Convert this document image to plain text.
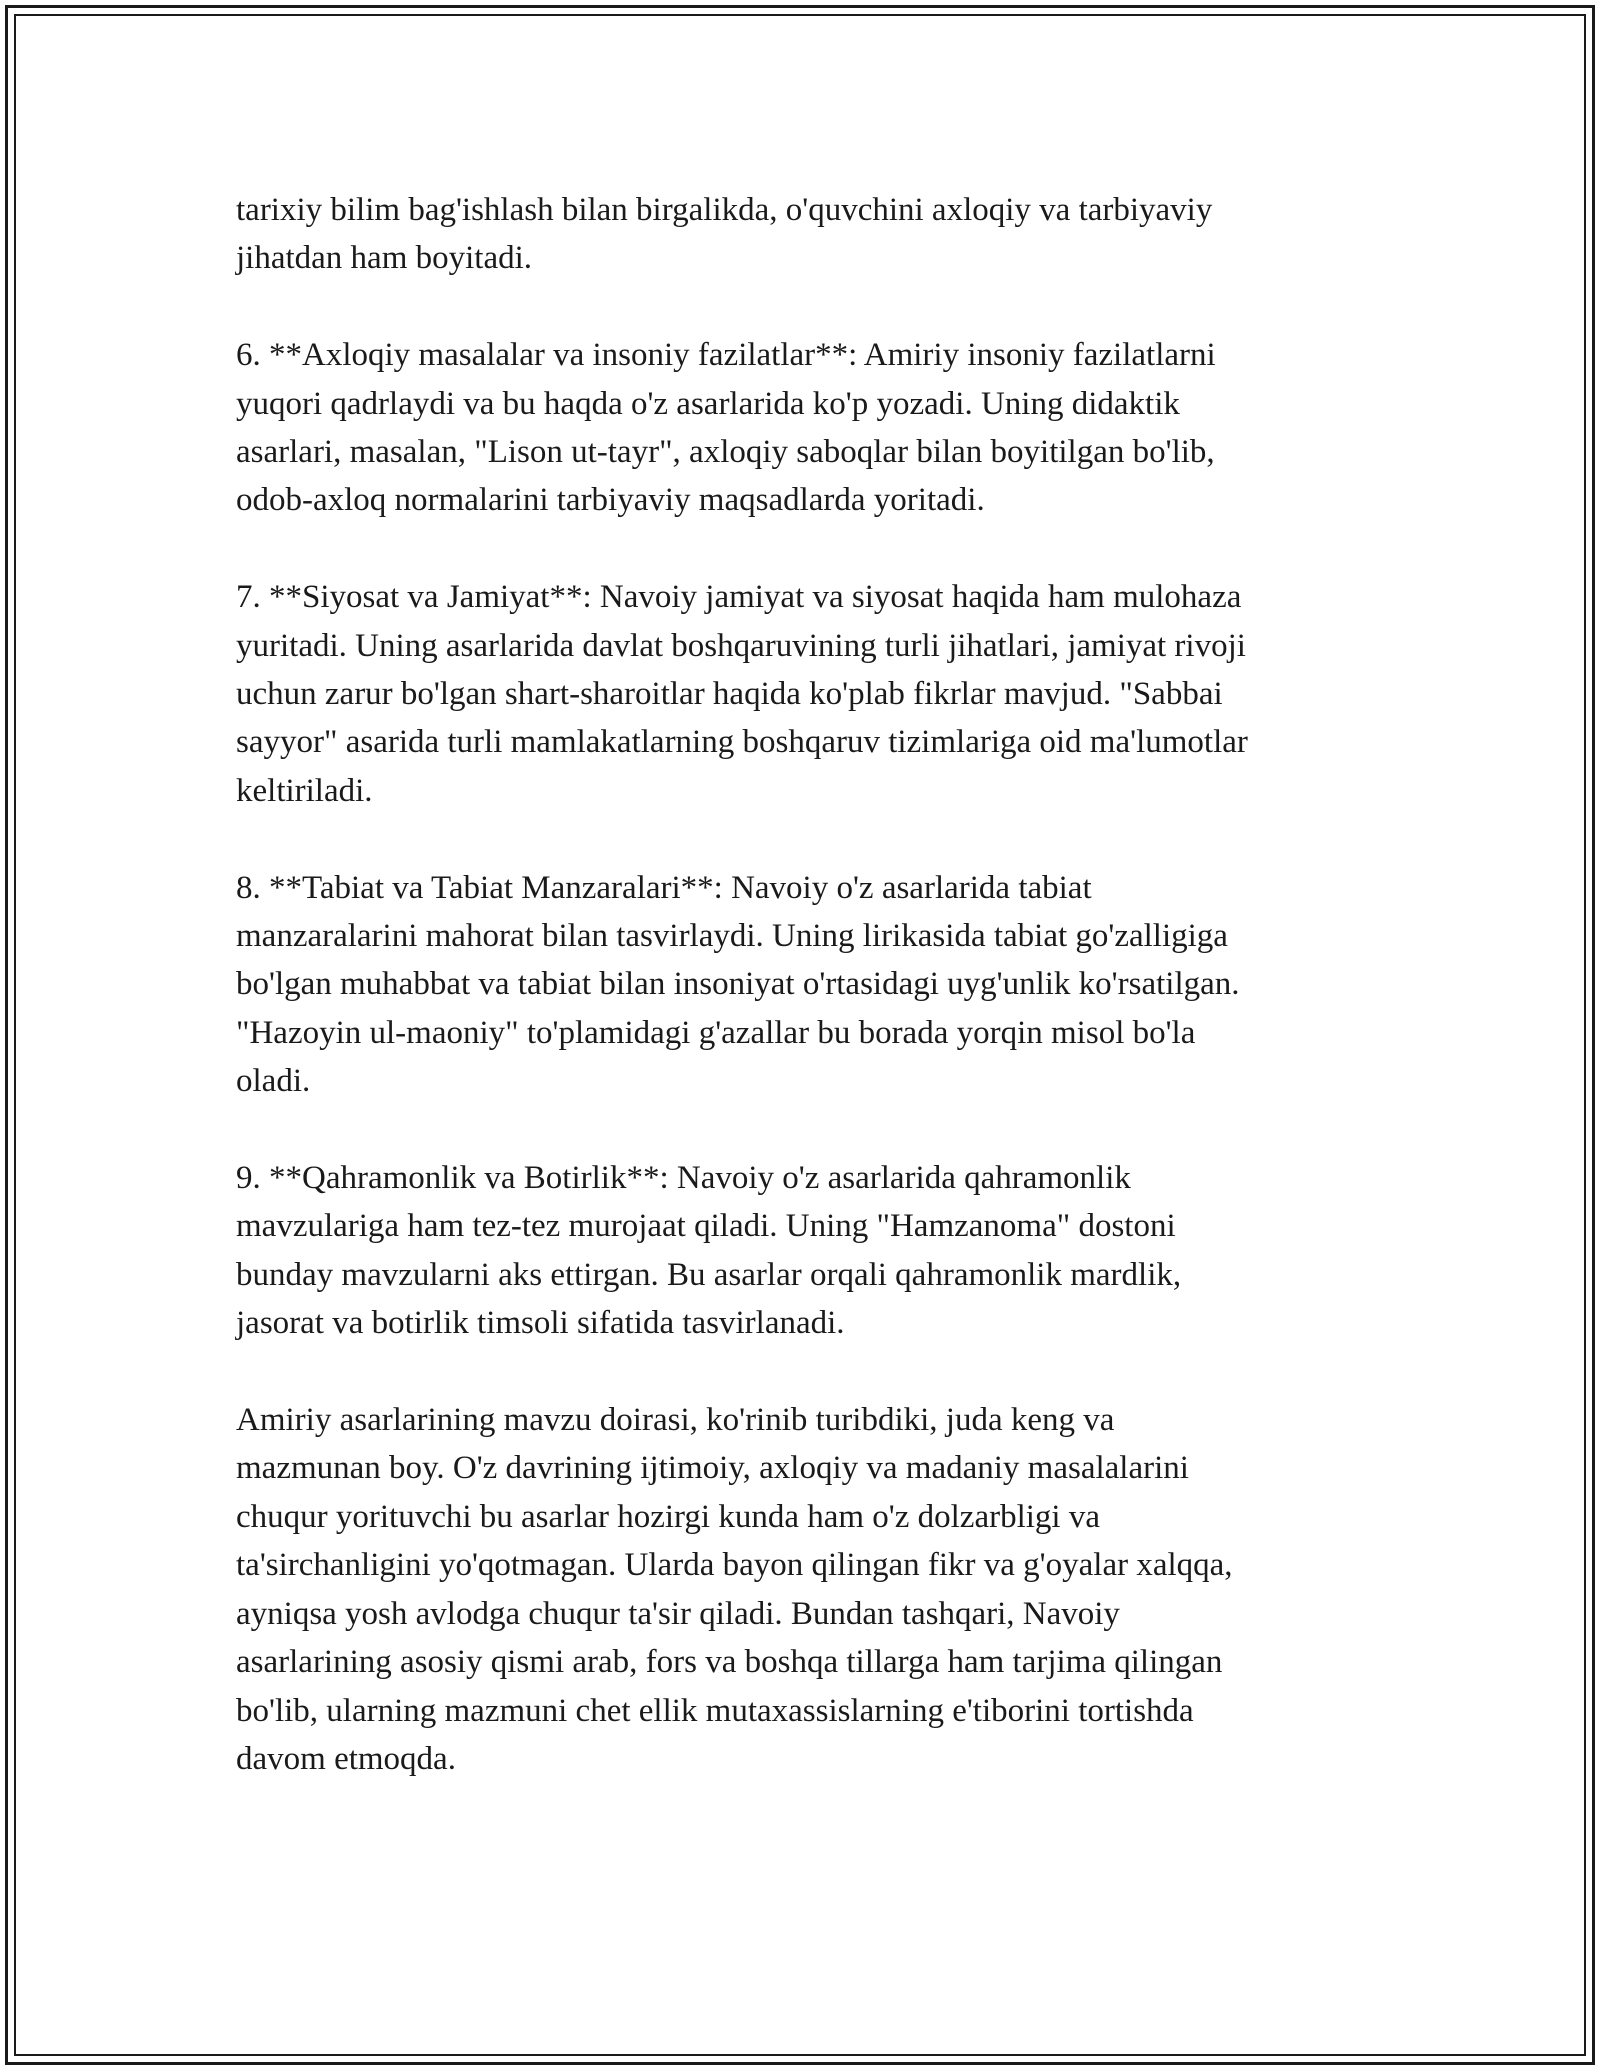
tarixiy bilim bag'ishlash bilan birgalikda, o'quvchini axloqiy va tarbiyaviy
jihatdan ham boyitadi.

6. **Axloqiy masalalar va insoniy fazilatlar**: Amiriy insoniy fazilatlarni
yuqori qadrlaydi va bu haqda o'z asarlarida ko'p yozadi. Uning didaktik
asarlari, masalan, "Lison ut-tayr", axloqiy saboqlar bilan boyitilgan bo'lib,
odob-axloq normalarini tarbiyaviy maqsadlarda yoritadi.

7. **Siyosat va Jamiyat**: Navoiy jamiyat va siyosat haqida ham mulohaza
yuritadi. Uning asarlarida davlat boshqaruvining turli jihatlari, jamiyat rivoji
uchun zarur bo'lgan shart-sharoitlar haqida ko'plab fikrlar mavjud. "Sabbai
sayyor" asarida turli mamlakatlarning boshqaruv tizimlariga oid ma'lumotlar
keltiriladi.

8. **Tabiat va Tabiat Manzaralari**: Navoiy o'z asarlarida tabiat
manzaralarini mahorat bilan tasvirlaydi. Uning lirikasida tabiat go'zalligiga
bo'lgan muhabbat va tabiat bilan insoniyat o'rtasidagi uyg'unlik ko'rsatilgan.
"Hazoyin ul-maoniy" to'plamidagi g'azallar bu borada yorqin misol bo'la
oladi.

9. **Qahramonlik va Botirlik**: Navoiy o'z asarlarida qahramonlik
mavzulariga ham tez-tez murojaat qiladi. Uning "Hamzanoma" dostoni
bunday mavzularni aks ettirgan. Bu asarlar orqali qahramonlik mardlik,
jasorat va botirlik timsoli sifatida tasvirlanadi.

Amiriy asarlarining mavzu doirasi, ko'rinib turibdiki, juda keng va
mazmunan boy. O'z davrining ijtimoiy, axloqiy va madaniy masalalarini
chuqur yorituvchi bu asarlar hozirgi kunda ham o'z dolzarbligi va
ta'sirchanligini yo'qotmagan. Ularda bayon qilingan fikr va g'oyalar xalqqa,
ayniqsa yosh avlodga chuqur ta'sir qiladi. Bundan tashqari, Navoiy
asarlarining asosiy qismi arab, fors va boshqa tillarga ham tarjima qilingan
bo'lib, ularning mazmuni chet ellik mutaxassislarning e'tiborini tortishda
davom etmoqda.
